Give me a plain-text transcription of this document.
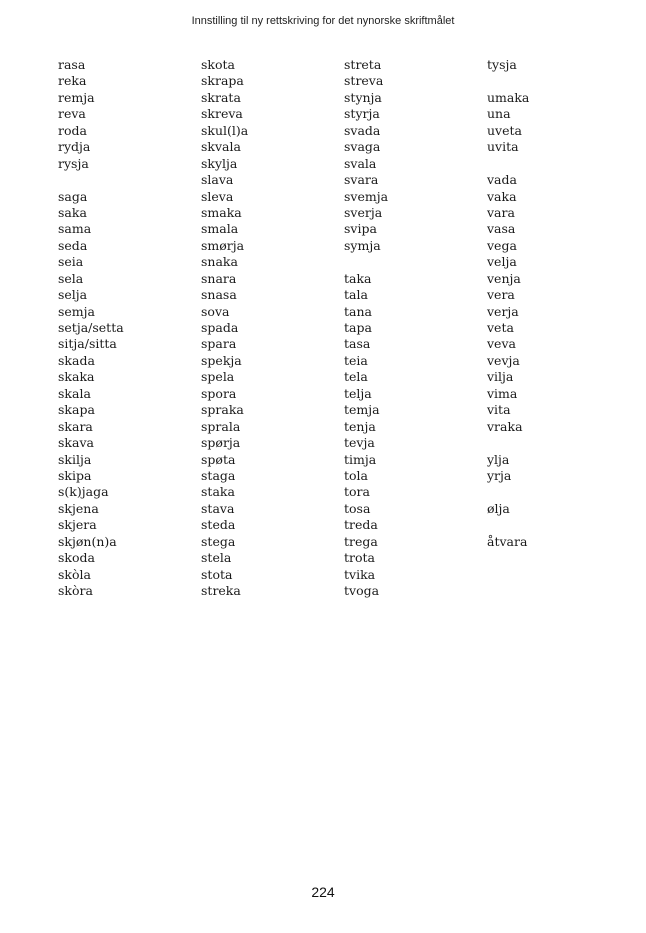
Innstilling til ny rettskriving for det nynorske skriftmålet
rasa
reka
remja
reva
roda
rydja
rysja
saga
saka
sama
seda
seia
sela
selja
semja
setja/setta
sitja/sitta
skada
skaka
skala
skapa
skara
skava
skilja
skipa
s(k)jaga
skjena
skjera
skjøn(n)a
skoda
skòla
skòra
skota
skrapa
skrata
skreva
skul(l)a
skvala
skylja
slava
sleva
smaka
smala
smørja
snaka
snara
snasa
sova
spada
spara
spekja
spela
spora
spraka
sprala
spørja
spøta
staga
staka
stava
steda
stega
stela
stota
streka
streta
streva
stynja
styrja
svada
svaga
svala
svara
svemja
sverja
svipa
symja
taka
tala
tana
tapa
tasa
teia
tela
telja
temja
tenja
tevja
timja
tola
tora
tosa
treda
trega
trota
tvika
tvoga
tysja
umaka
una
uveta
uvita
vada
vaka
vara
vasa
vega
velja
venja
vera
verja
veta
veva
vevja
vilja
vima
vita
vraka
ylja
yrja
ølja
åtvara
224
